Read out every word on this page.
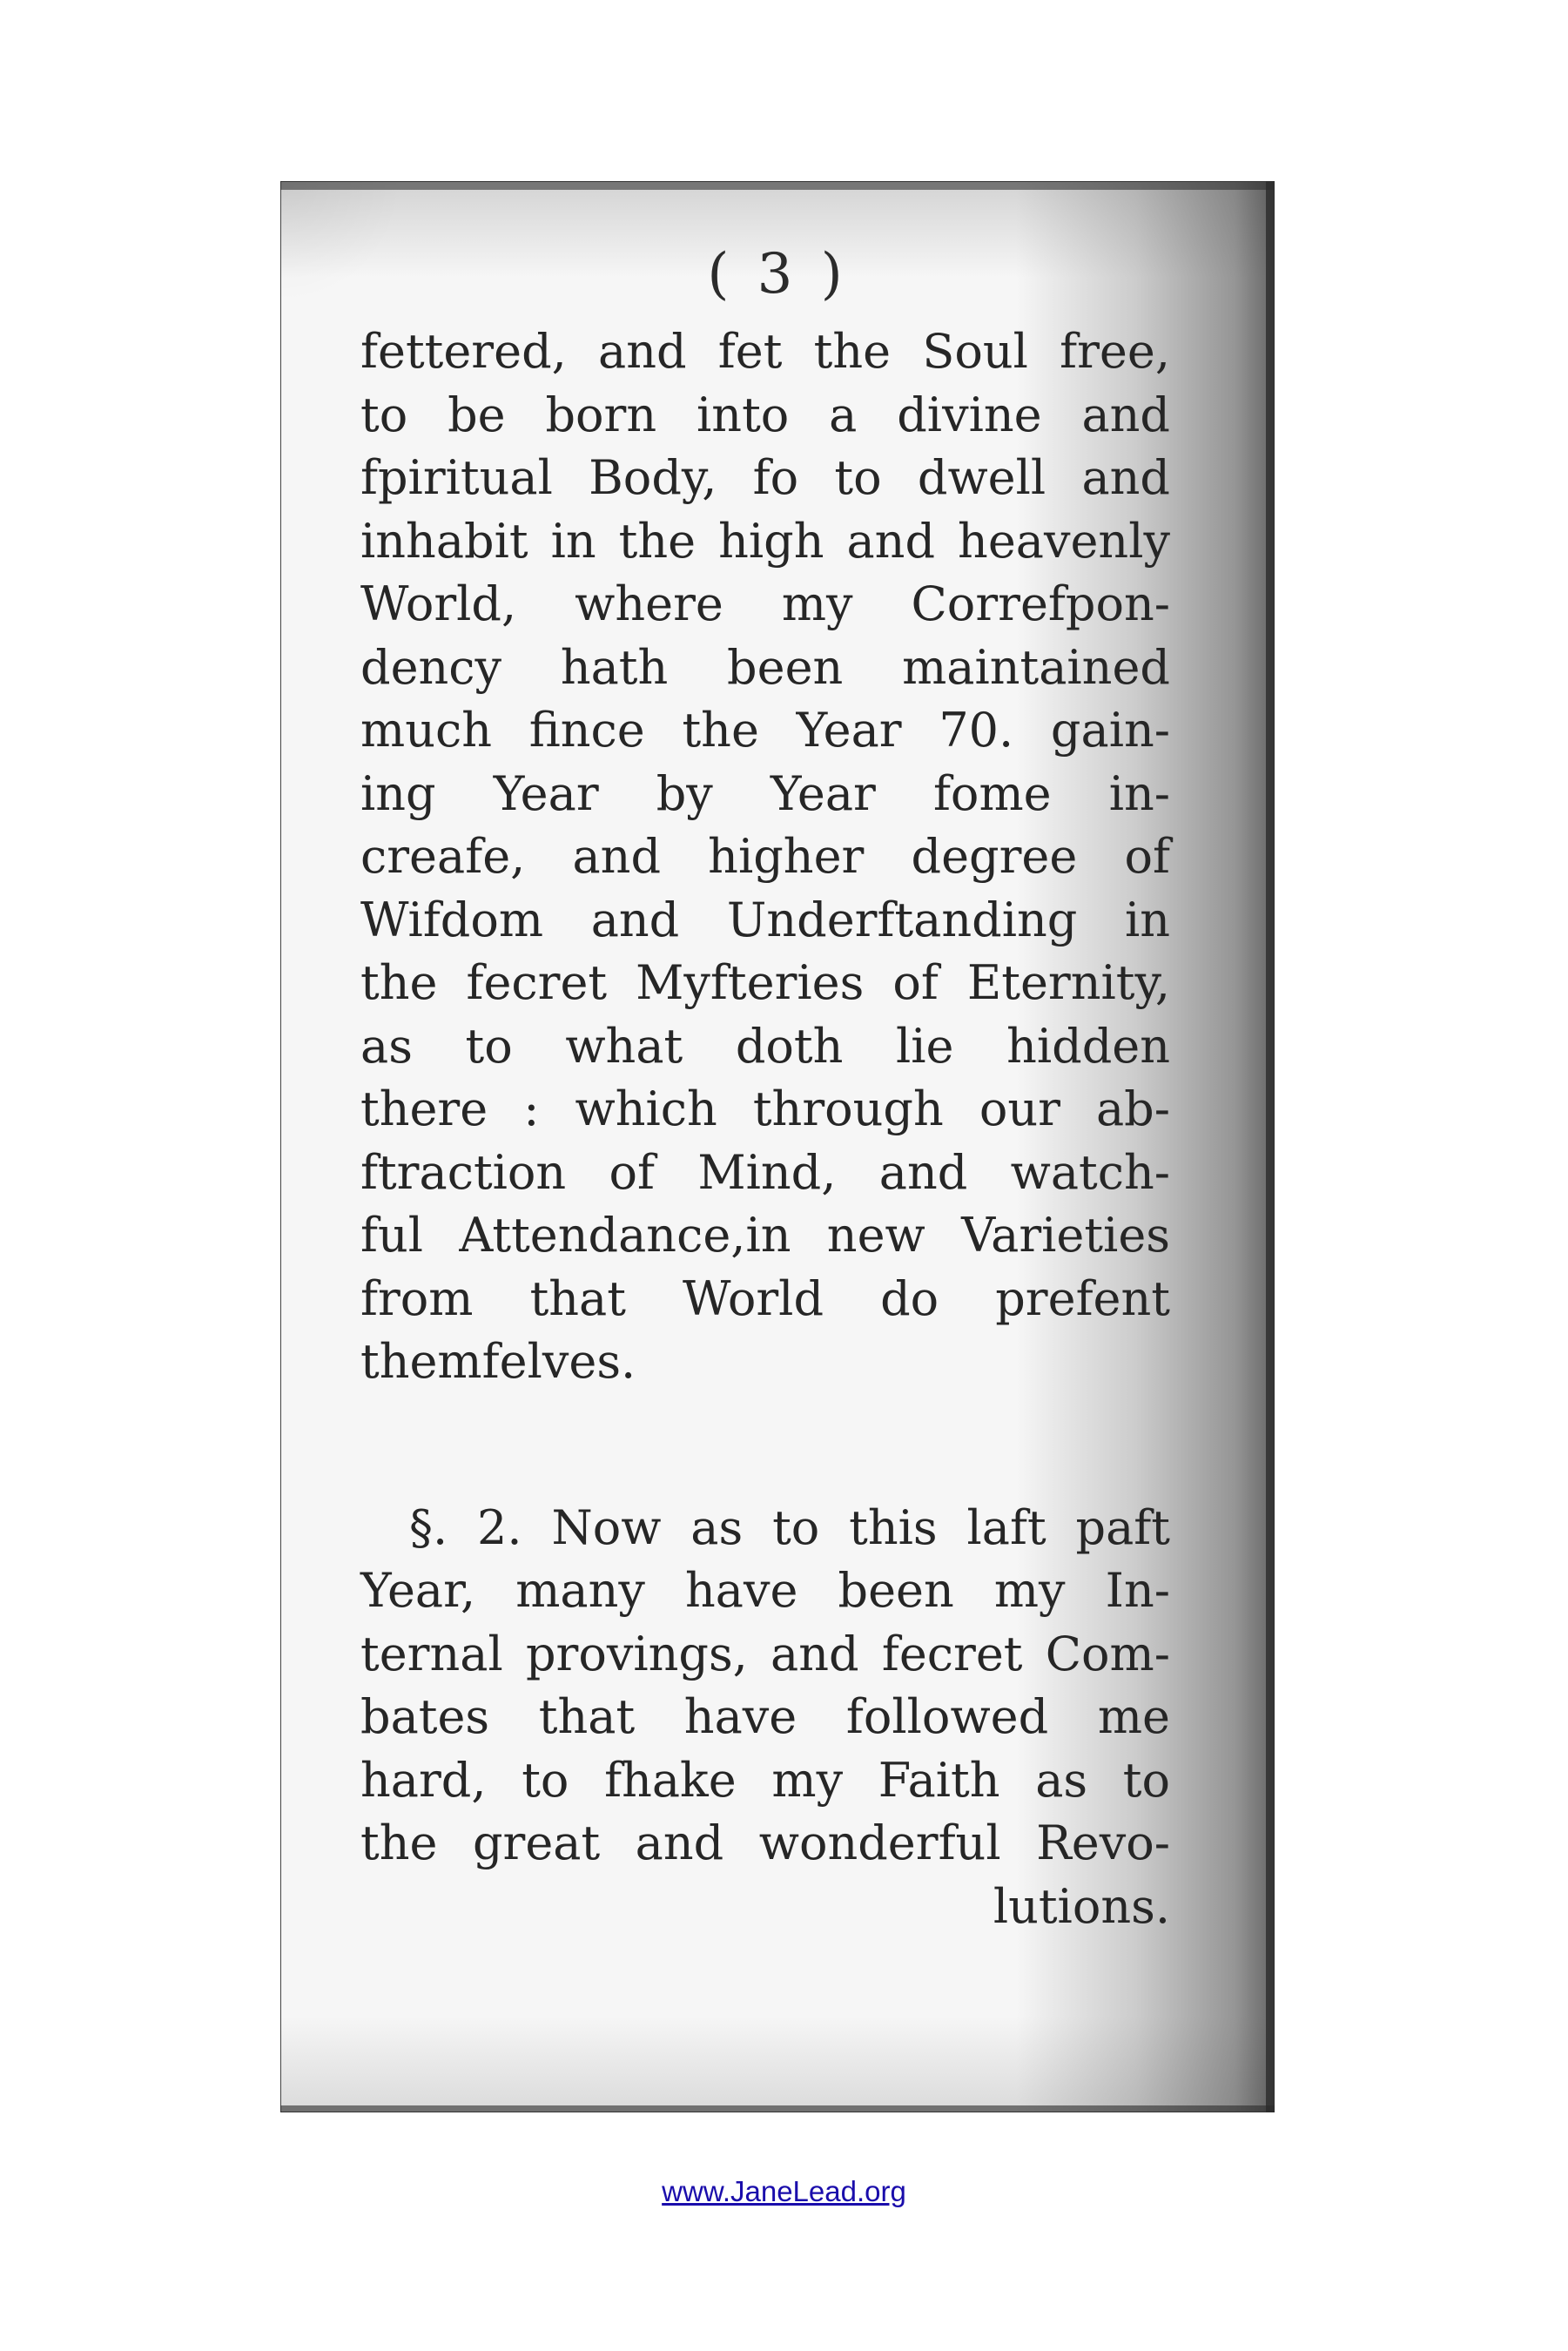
( 3 )
fettered, and fet the Soul free,
to be born into a divine and
fpiritual Body, fo to dwell and
inhabit in the high and heavenly
World, where my Correfpon-
dency hath been maintained
much fince the Year 70. gain-
ing Year by Year fome in-
creafe, and higher degree of
Wifdom and Underftanding in
the fecret Myfteries of Eternity,
as to what doth lie hidden
there : which through our ab-
ftraction of Mind, and watch-
ful Attendance,in new Varieties
from that World do prefent
themfelves.
§. 2. Now as to this laft paft
Year, many have been my In-
ternal provings, and fecret Com-
bates that have followed me
hard, to fhake my Faith as to
the great and wonderful Revo-
lutions.
www.JaneLead.org
